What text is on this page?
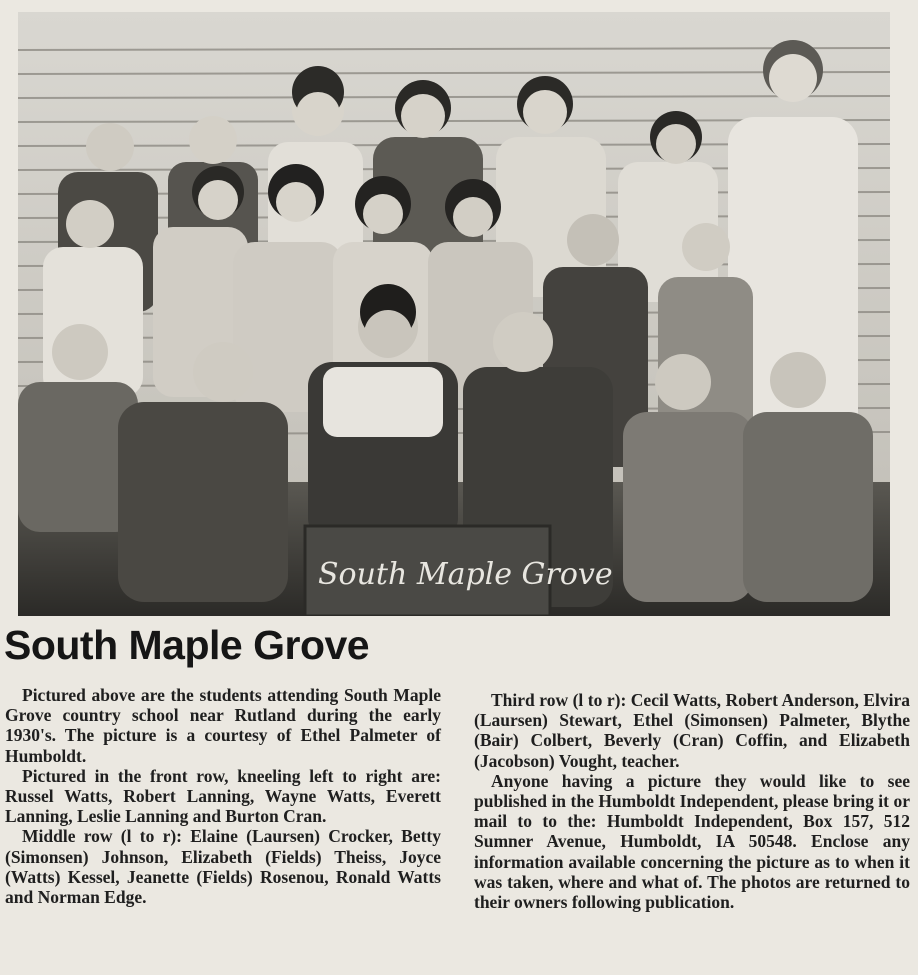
South Maple Grove
South Maple Grove

Pictured above are the students attending South Maple Grove country school near Rutland during the early 1930's. The picture is a courtesy of Ethel Palmeter of Humboldt.

Pictured in the front row, kneeling left to right are: Russel Watts, Robert Lanning, Wayne Watts, Everett Lanning, Leslie Lanning and Burton Cran.

Middle row (l to r): Elaine (Laursen) Crocker, Betty (Simonsen) Johnson, Elizabeth (Fields) Theiss, Joyce (Watts) Kessel, Jeanette (Fields) Rosenou, Ronald Watts and Norman Edge.

Third row (l to r): Cecil Watts, Robert Anderson, Elvira (Laursen) Stewart, Ethel (Simonsen) Palmeter, Blythe (Bair) Colbert, Beverly (Cran) Coffin, and Elizabeth (Jacobson) Vought, teacher.

Anyone having a picture they would like to see published in the Humboldt Independent, please bring it or mail to to the: Humboldt Independent, Box 157, 512 Sumner Avenue, Humboldt, IA 50548. Enclose any information available concerning the picture as to when it was taken, where and what of. The photos are returned to their owners following publication.
